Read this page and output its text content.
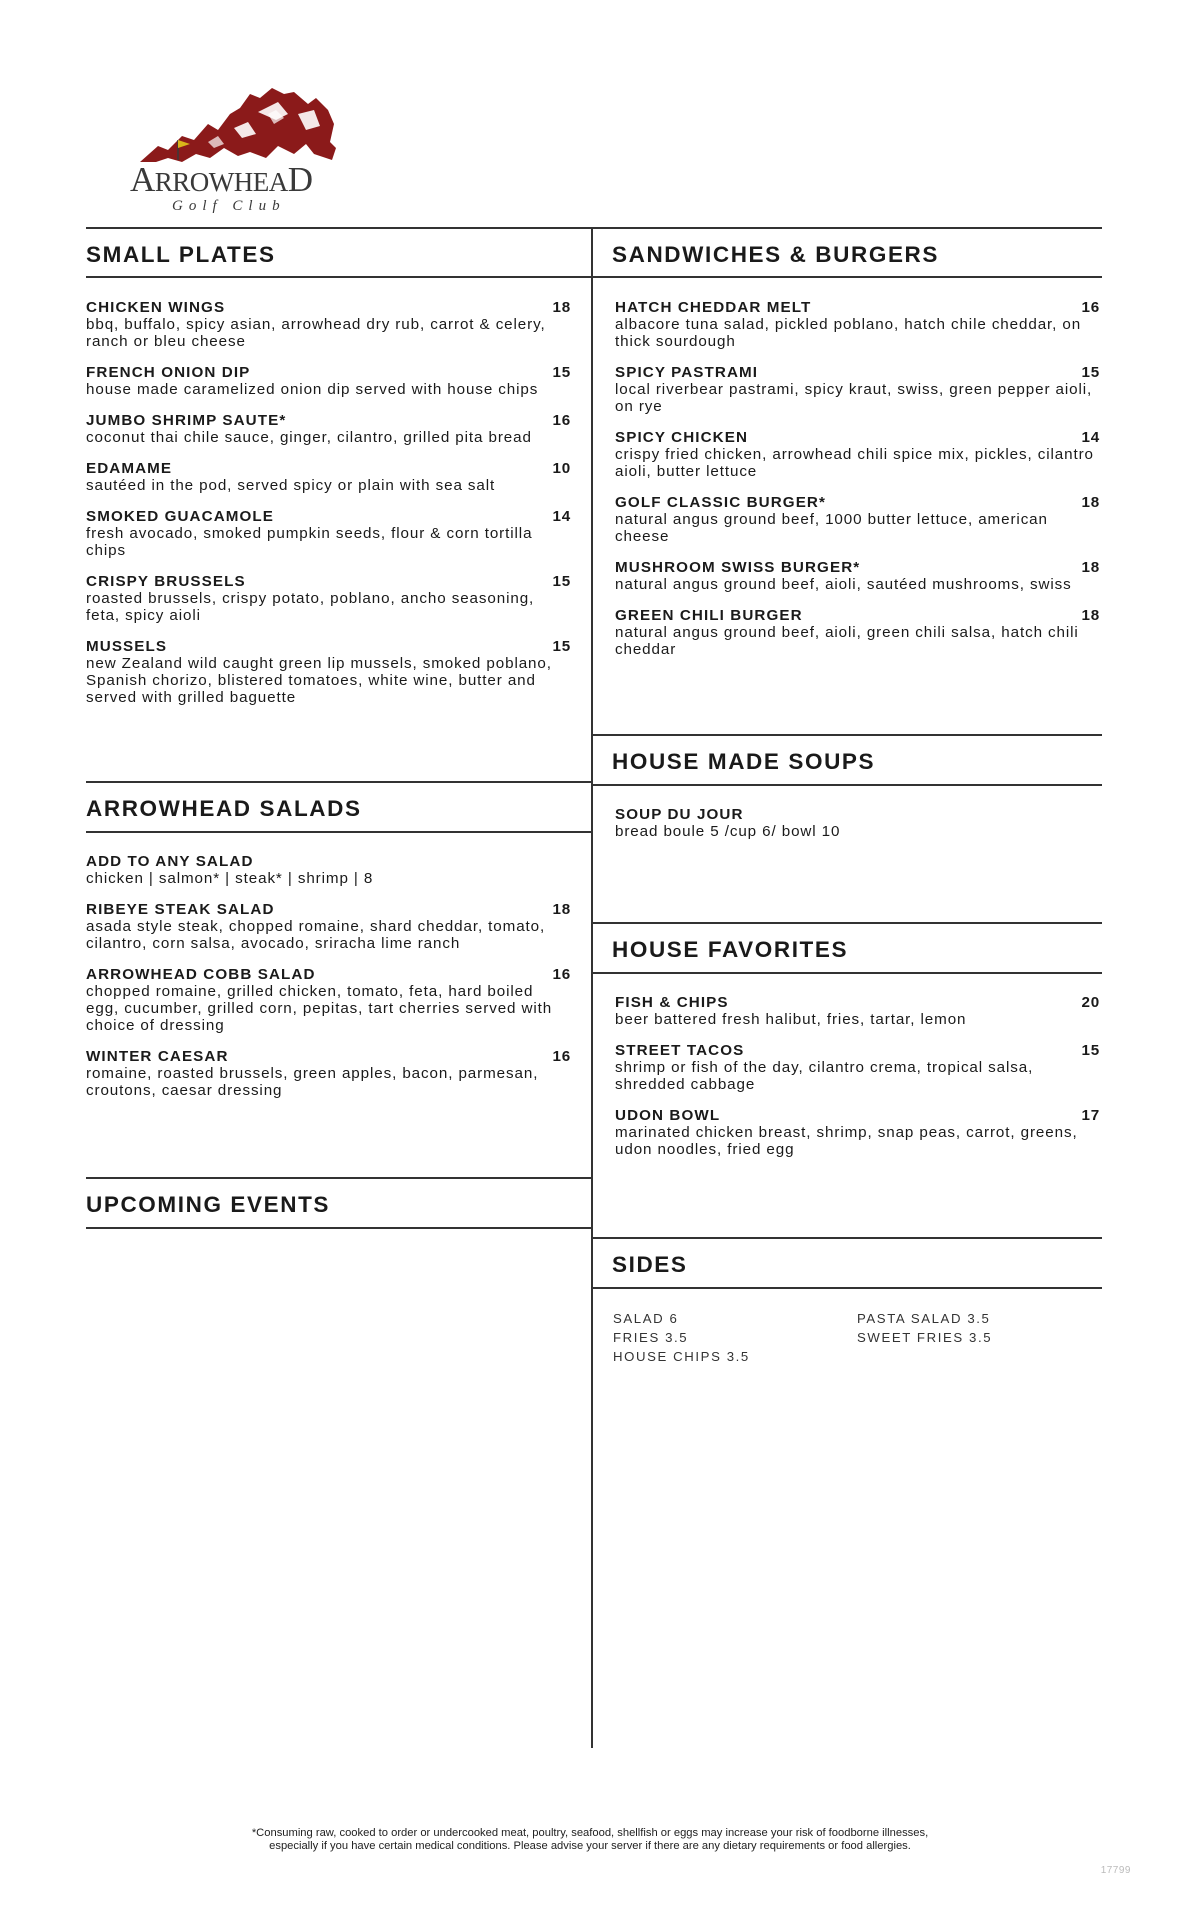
ARROWHEAD
Golf Club
SMALL PLATES	SANDWICHES & BURGERS
ARROWHEAD SALADS
HOUSE MADE SOUPS
HOUSE FAVORITES
UPCOMING EVENTS
SIDES
CHICKEN WINGS	18
bbq, buffalo, spicy asian, arrowhead dry rub, carrot & celery, ranch or bleu cheese
FRENCH ONION DIP	15
house made caramelized onion dip served with house chips
JUMBO SHRIMP SAUTE*	16
coconut thai chile sauce, ginger, cilantro, grilled pita bread
EDAMAME	10
sautéed in the pod, served spicy or plain with sea salt
SMOKED GUACAMOLE	14
fresh avocado, smoked pumpkin seeds, flour & corn tortilla chips
CRISPY BRUSSELS	15
roasted brussels, crispy potato, poblano, ancho seasoning, feta, spicy aioli
MUSSELS	15
new Zealand wild caught green lip mussels, smoked poblano, Spanish chorizo, blistered tomatoes, white wine, butter and served with grilled baguette
ADD TO ANY SALAD
chicken | salmon* | steak* | shrimp | 8
RIBEYE STEAK SALAD	18
asada style steak, chopped romaine, shard cheddar, tomato, cilantro, corn salsa, avocado, sriracha lime ranch
ARROWHEAD COBB SALAD	16
chopped romaine, grilled chicken, tomato, feta, hard boiled egg, cucumber, grilled corn, pepitas, tart cherries served with choice of dressing
WINTER CAESAR	16
romaine, roasted brussels, green apples, bacon, parmesan, croutons, caesar dressing
HATCH CHEDDAR MELT	16
albacore tuna salad, pickled poblano, hatch chile cheddar, on thick sourdough
SPICY PASTRAMI	15
local riverbear pastrami, spicy kraut, swiss, green pepper aioli, on rye
SPICY CHICKEN	14
crispy fried chicken, arrowhead chili spice mix, pickles, cilantro aioli, butter lettuce
GOLF CLASSIC BURGER*	18
natural angus ground beef, 1000 butter lettuce, american cheese
MUSHROOM SWISS BURGER*	18
natural angus ground beef, aioli, sautéed mushrooms, swiss
GREEN CHILI BURGER	18
natural angus ground beef, aioli, green chili salsa, hatch chili cheddar
SOUP DU JOUR
bread boule 5 /cup 6/ bowl 10
FISH & CHIPS	20
beer battered fresh halibut, fries, tartar, lemon
STREET TACOS	15
shrimp or fish of the day, cilantro crema, tropical salsa, shredded cabbage
UDON BOWL	17
marinated chicken breast, shrimp, snap peas, carrot, greens, udon noodles, fried egg
SALAD 6
FRIES 3.5
HOUSE CHIPS 3.5
PASTA SALAD 3.5
SWEET FRIES 3.5
*Consuming raw, cooked to order or undercooked meat, poultry, seafood, shellfish or eggs may increase your risk of foodborne illnesses,
especially if you have certain medical conditions. Please advise your server if there are any dietary requirements or food allergies.
17799
